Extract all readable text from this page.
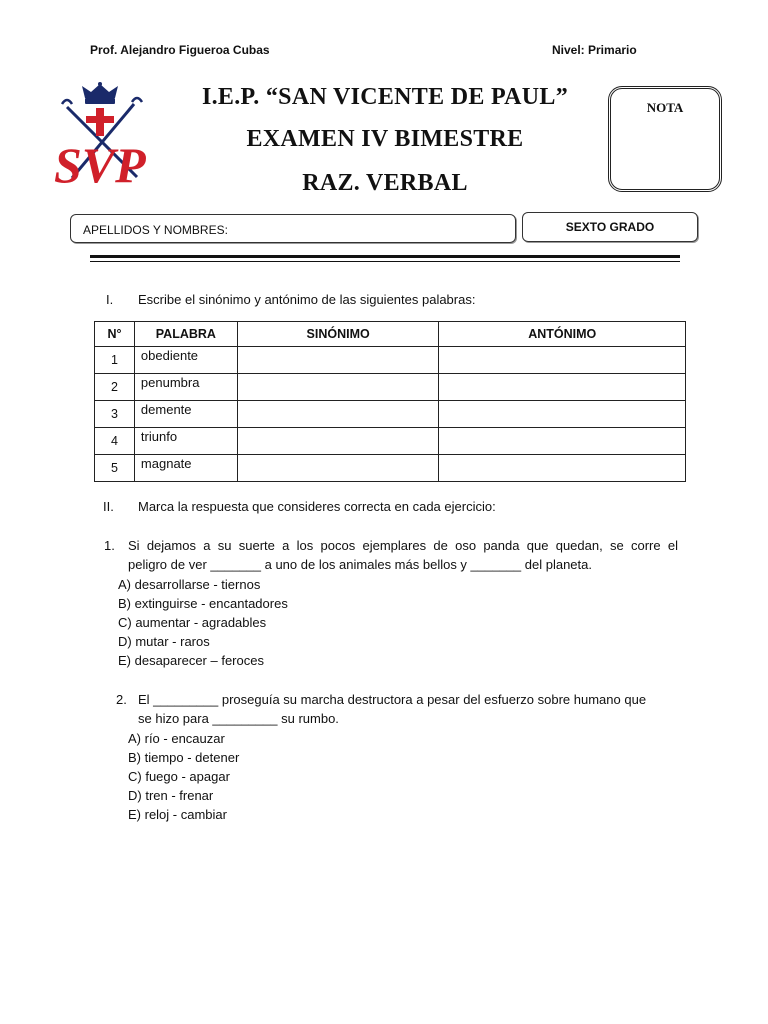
Prof. Alejandro Figueroa Cubas	Nivel: Primario
SVP
I.E.P. “SAN VICENTE DE PAUL”
EXAMEN IV BIMESTRE
RAZ. VERBAL
NOTA
APELLIDOS Y NOMBRES:	SEXTO GRADO
I. Escribe el sinónimo y antónimo de las siguientes palabras:
N°	PALABRA	SINÓNIMO	ANTÓNIMO
1	obediente		
2	penumbra		
3	demente		
4	triunfo		
5	magnate		
II. Marca la respuesta que consideres correcta en cada ejercicio:
1. Si dejamos a su suerte a los pocos ejemplares de oso panda que quedan, se corre el
peligro de ver _______ a uno de los animales más bellos y _______ del planeta.
A) desarrollarse - tiernos
B) extinguirse - encantadores
C) aumentar - agradables
D) mutar - raros
E) desaparecer – feroces
2. El _________ proseguía su marcha destructora a pesar del esfuerzo sobre humano que
se hizo para _________ su rumbo.
A) río - encauzar
B) tiempo - detener
C) fuego - apagar
D) tren - frenar
E) reloj - cambiar
